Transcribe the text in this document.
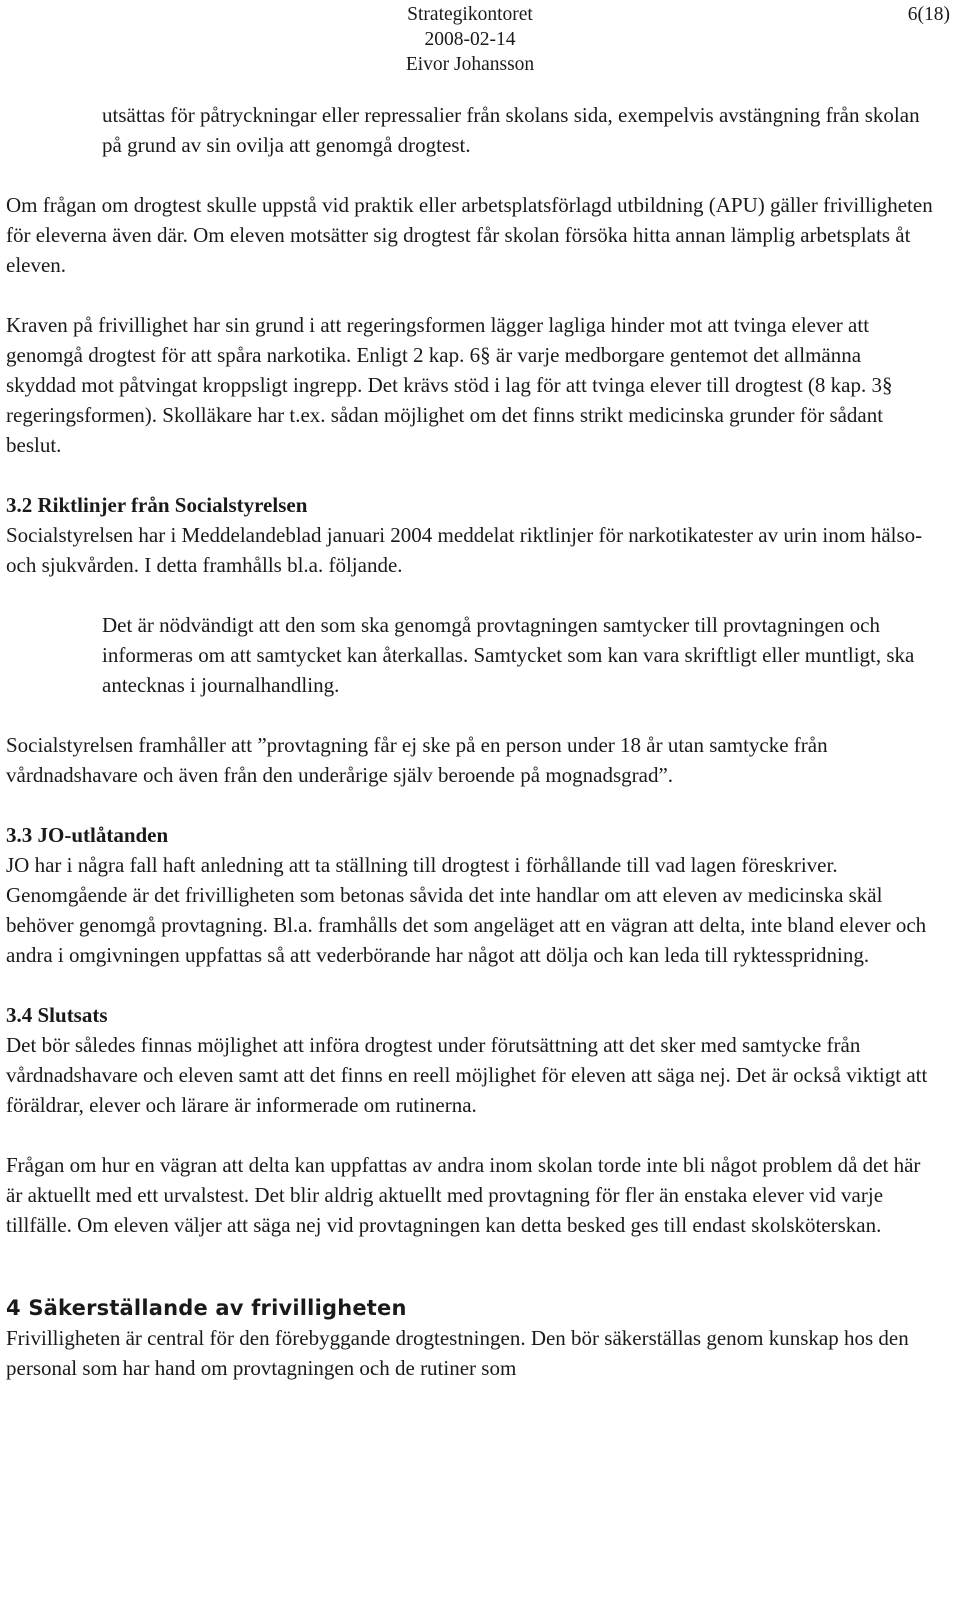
Strategikontoret
2008-02-14
Eivor Johansson
6(18)

utsättas för påtryckningar eller repressalier från skolans sida, exempelvis avstängning från skolan på grund av sin ovilja att genomgå drogtest.

Om frågan om drogtest skulle uppstå vid praktik eller arbetsplatsförlagd utbildning (APU) gäller frivilligheten för eleverna även där. Om eleven motsätter sig drogtest får skolan försöka hitta annan lämplig arbetsplats åt eleven.

Kraven på frivillighet har sin grund i att regeringsformen lägger lagliga hinder mot att tvinga elever att genomgå drogtest för att spåra narkotika. Enligt 2 kap. 6§ är varje medborgare gentemot det allmänna skyddad mot påtvingat kroppsligt ingrepp. Det krävs stöd i lag för att tvinga elever till drogtest (8 kap. 3§ regeringsformen). Skolläkare har t.ex. sådan möjlighet om det finns strikt medicinska grunder för sådant beslut.

3.2 Riktlinjer från Socialstyrelsen

Socialstyrelsen har i Meddelandeblad januari 2004 meddelat riktlinjer för narkotikatester av urin inom hälso- och sjukvården. I detta framhålls bl.a. följande.

Det är nödvändigt att den som ska genomgå provtagningen samtycker till provtagningen och informeras om att samtycket kan återkallas. Samtycket som kan vara skriftligt eller muntligt, ska antecknas i journalhandling.

Socialstyrelsen framhåller att ”provtagning får ej ske på en person under 18 år utan samtycke från vårdnadshavare och även från den underårige själv beroende på mognadsgrad”.

3.3 JO-utlåtanden

JO har i några fall haft anledning att ta ställning till drogtest i förhållande till vad lagen föreskriver. Genomgående är det frivilligheten som betonas såvida det inte handlar om att eleven av medicinska skäl behöver genomgå provtagning. Bl.a. framhålls det som angeläget att en vägran att delta, inte bland elever och andra i omgivningen uppfattas så att vederbörande har något att dölja och kan leda till ryktesspridning.

3.4 Slutsats

Det bör således finnas möjlighet att införa drogtest under förutsättning att det sker med samtycke från vårdnadshavare och eleven samt att det finns en reell möjlighet för eleven att säga nej. Det är också viktigt att föräldrar, elever och lärare är informerade om rutinerna.

Frågan om hur en vägran att delta kan uppfattas av andra inom skolan torde inte bli något problem då det här är aktuellt med ett urvalstest. Det blir aldrig aktuellt med provtagning för fler än enstaka elever vid varje tillfälle. Om eleven väljer att säga nej vid provtagningen kan detta besked ges till endast skolsköterskan.

4 Säkerställande av frivilligheten

Frivilligheten är central för den förebyggande drogtestningen. Den bör säkerställas genom kunskap hos den personal som har hand om provtagningen och de rutiner som
